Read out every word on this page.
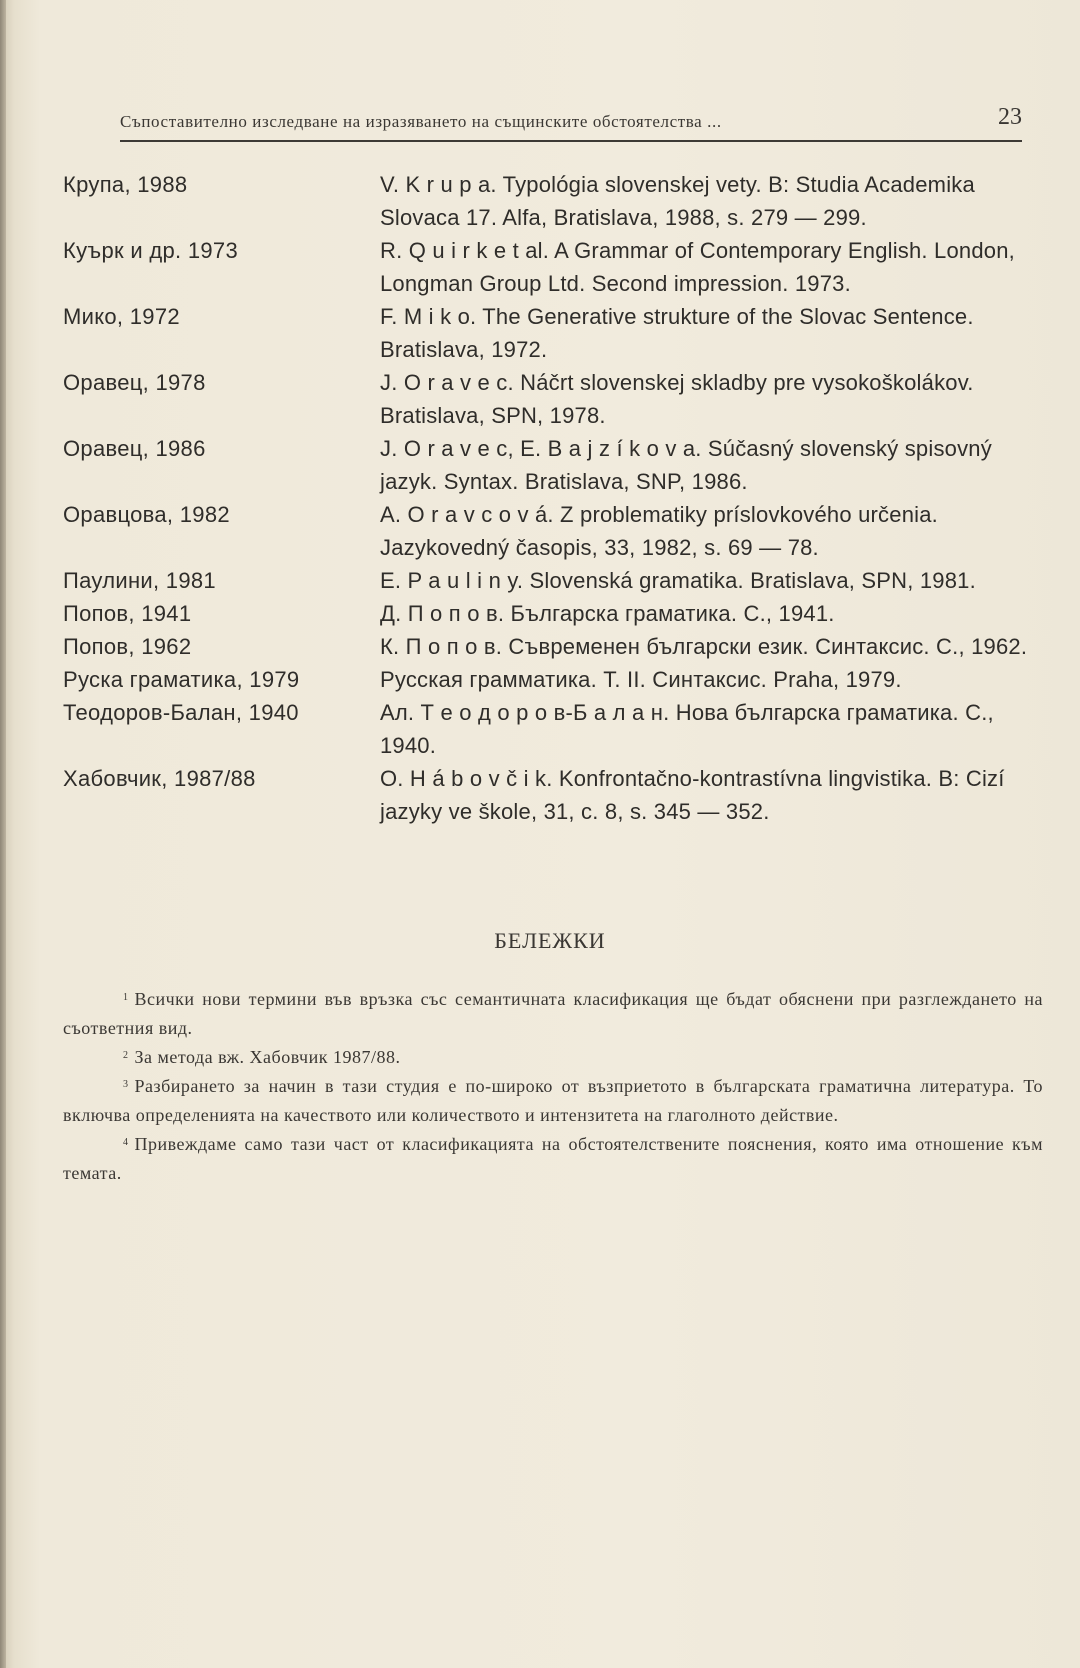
Съпоставително изследване на изразяването на същинските обстоятелства ...	23
Крупа, 1988	V. K r u p a. Typológia slovenskej vety. B: Studia Academika Slovaca 17. Alfa, Bratislava, 1988, s. 279 — 299.
Куърк и др. 1973	R. Q u i r k e t al. A Grammar of Contemporary English. London, Longman Group Ltd. Second impression. 1973.
Мико, 1972	F. M i k o. The Generative strukture of the Slovac Sentence. Bratislava, 1972.
Оравец, 1978	J. O r a v e c. Náčrt slovenskej skladby pre vysokoškolákov. Bratislava, SPN, 1978.
Оравец, 1986	J. O r a v e c, E. B a j z í k o v a. Súčasný slovenský spisovný jazyk. Syntax. Bratislava, SNP, 1986.
Оравцова, 1982	A. O r a v c o v á. Z problematiky príslovkového určenia. Jazykovedný časopis, 33, 1982, s. 69 — 78.
Паулини, 1981	E. P a u l i n y. Slovenská gramatika. Bratislava, SPN, 1981.
Попов, 1941	Д. П о п о в. Българска граматика. С., 1941.
Попов, 1962	К. П о п о в. Съвременен български език. Синтаксис. С., 1962.
Руска граматика, 1979	Русская грамматика. Т. II. Синтаксис. Praha, 1979.
Теодоров-Балан, 1940	Ал. Т е о д о р о в-Б а л а н. Нова българска граматика. С., 1940.
Хабовчик, 1987/88	O. H á b o v č i k. Konfrontačno-kontrastívna lingvistika. B: Cizí jazyky ve škole, 31, c. 8, s. 345 — 352.
БЕЛЕЖКИ

$^1$ Всички нови термини във връзка със семантичната класификация ще бъдат обяснени при разглеждането на съответния вид.

$^2$ За метода вж. Хабовчик 1987/88.

$^3$ Разбирането за начин в тази студия е по-широко от възприетото в българската граматична литература. То включва определенията на качеството или количеството и интензитета на глаголното действие.

$^4$ Привеждаме само тази част от класификацията на обстоятелствените пояснения, която има отношение към темата.
